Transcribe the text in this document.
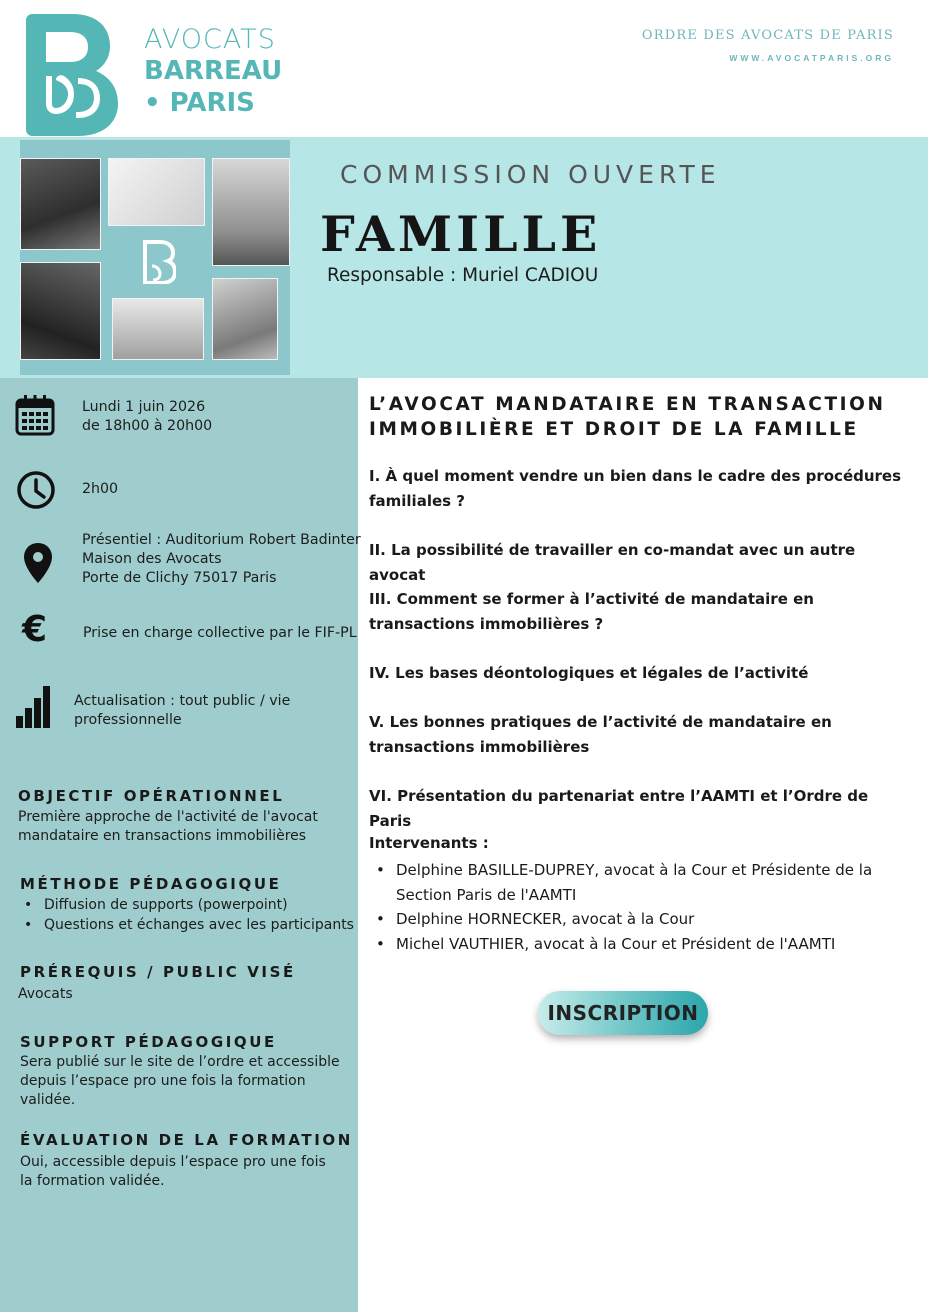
AVOCATS
BARREAU
• PARIS
ORDRE DES AVOCATS DE PARIS
WWW.AVOCATPARIS.ORG
COMMISSION OUVERTE
FAMILLE
Responsable : Muriel CADIOU
Lundi 1 juin 2026
de 18h00 à 20h00
2h00
Présentiel : Auditorium Robert Badinter
Maison des Avocats
Porte de Clichy 75017 Paris
€	Prise en charge collective par le FIF-PL
Actualisation : tout public / vie
professionnelle
OBJECTIF OPÉRATIONNEL
Première approche de l'activité de l'avocat mandataire en transactions immobilières
MÉTHODE PÉDAGOGIQUE
• Diffusion de supports (powerpoint)
• Questions et échanges avec les participants
PRÉREQUIS / PUBLIC VISÉ
Avocats
SUPPORT PÉDAGOGIQUE
Sera publié sur le site de l’ordre et accessible depuis l’espace pro une fois la formation validée.
ÉVALUATION DE LA FORMATION
Oui, accessible depuis l’espace pro une fois la formation validée.
L’AVOCAT MANDATAIRE EN TRANSACTION IMMOBILIÈRE ET DROIT DE LA FAMILLE
I. À quel moment vendre un bien dans le cadre des procédures familiales ?
II. La possibilité de travailler en co-mandat avec un autre avocat
III. Comment se former à l’activité de mandataire en transactions immobilières ?
IV. Les bases déontologiques et légales de l’activité
V. Les bonnes pratiques de l’activité de mandataire en transactions immobilières
VI. Présentation du partenariat entre l’AAMTI et l’Ordre de Paris
Intervenants :
• Delphine BASILLE-DUPREY, avocat à la Cour et Présidente de la Section Paris de l'AAMTI
• Delphine HORNECKER, avocat à la Cour
• Michel VAUTHIER, avocat à la Cour et Président de l'AAMTI
INSCRIPTION
